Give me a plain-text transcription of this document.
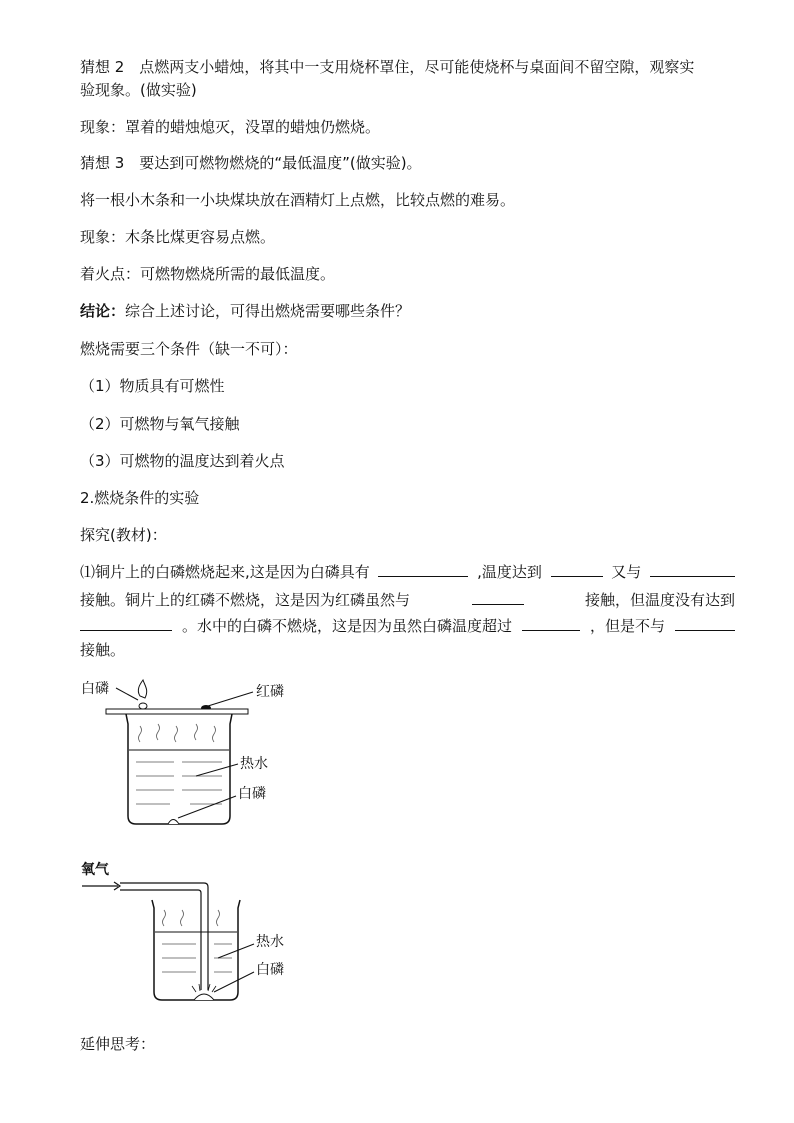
猜想 2　点燃两支小蜡烛，将其中一支用烧杯罩住，尽可能使烧杯与桌面间不留空隙，观察实
验现象。(做实验)
现象：罩着的蜡烛熄灭，没罩的蜡烛仍燃烧。
猜想 3　要达到可燃物燃烧的“最低温度”(做实验)。
将一根小木条和一小块煤块放在酒精灯上点燃，比较点燃的难易。
现象：木条比煤更容易点燃。
着火点：可燃物燃烧所需的最低温度。
结论：综合上述讨论，可得出燃烧需要哪些条件？
燃烧需要三个条件（缺一不可）：
（1）物质具有可燃性
（2）可燃物与氧气接触
（3）可燃物的温度达到着火点
2.燃烧条件的实验
探究(教材)：
⑴铜片上的白磷燃烧起来,这是因为白磷具有	,温度达到	又与
接触。铜片上的红磷不燃烧，这是因为红磷虽然与	接触，但温度没有达到
。水中的白磷不燃烧，这是因为虽然白磷温度超过	，但是不与
接触。
白磷	红磷
热水
白磷
氧气
热水
白磷
延伸思考：
